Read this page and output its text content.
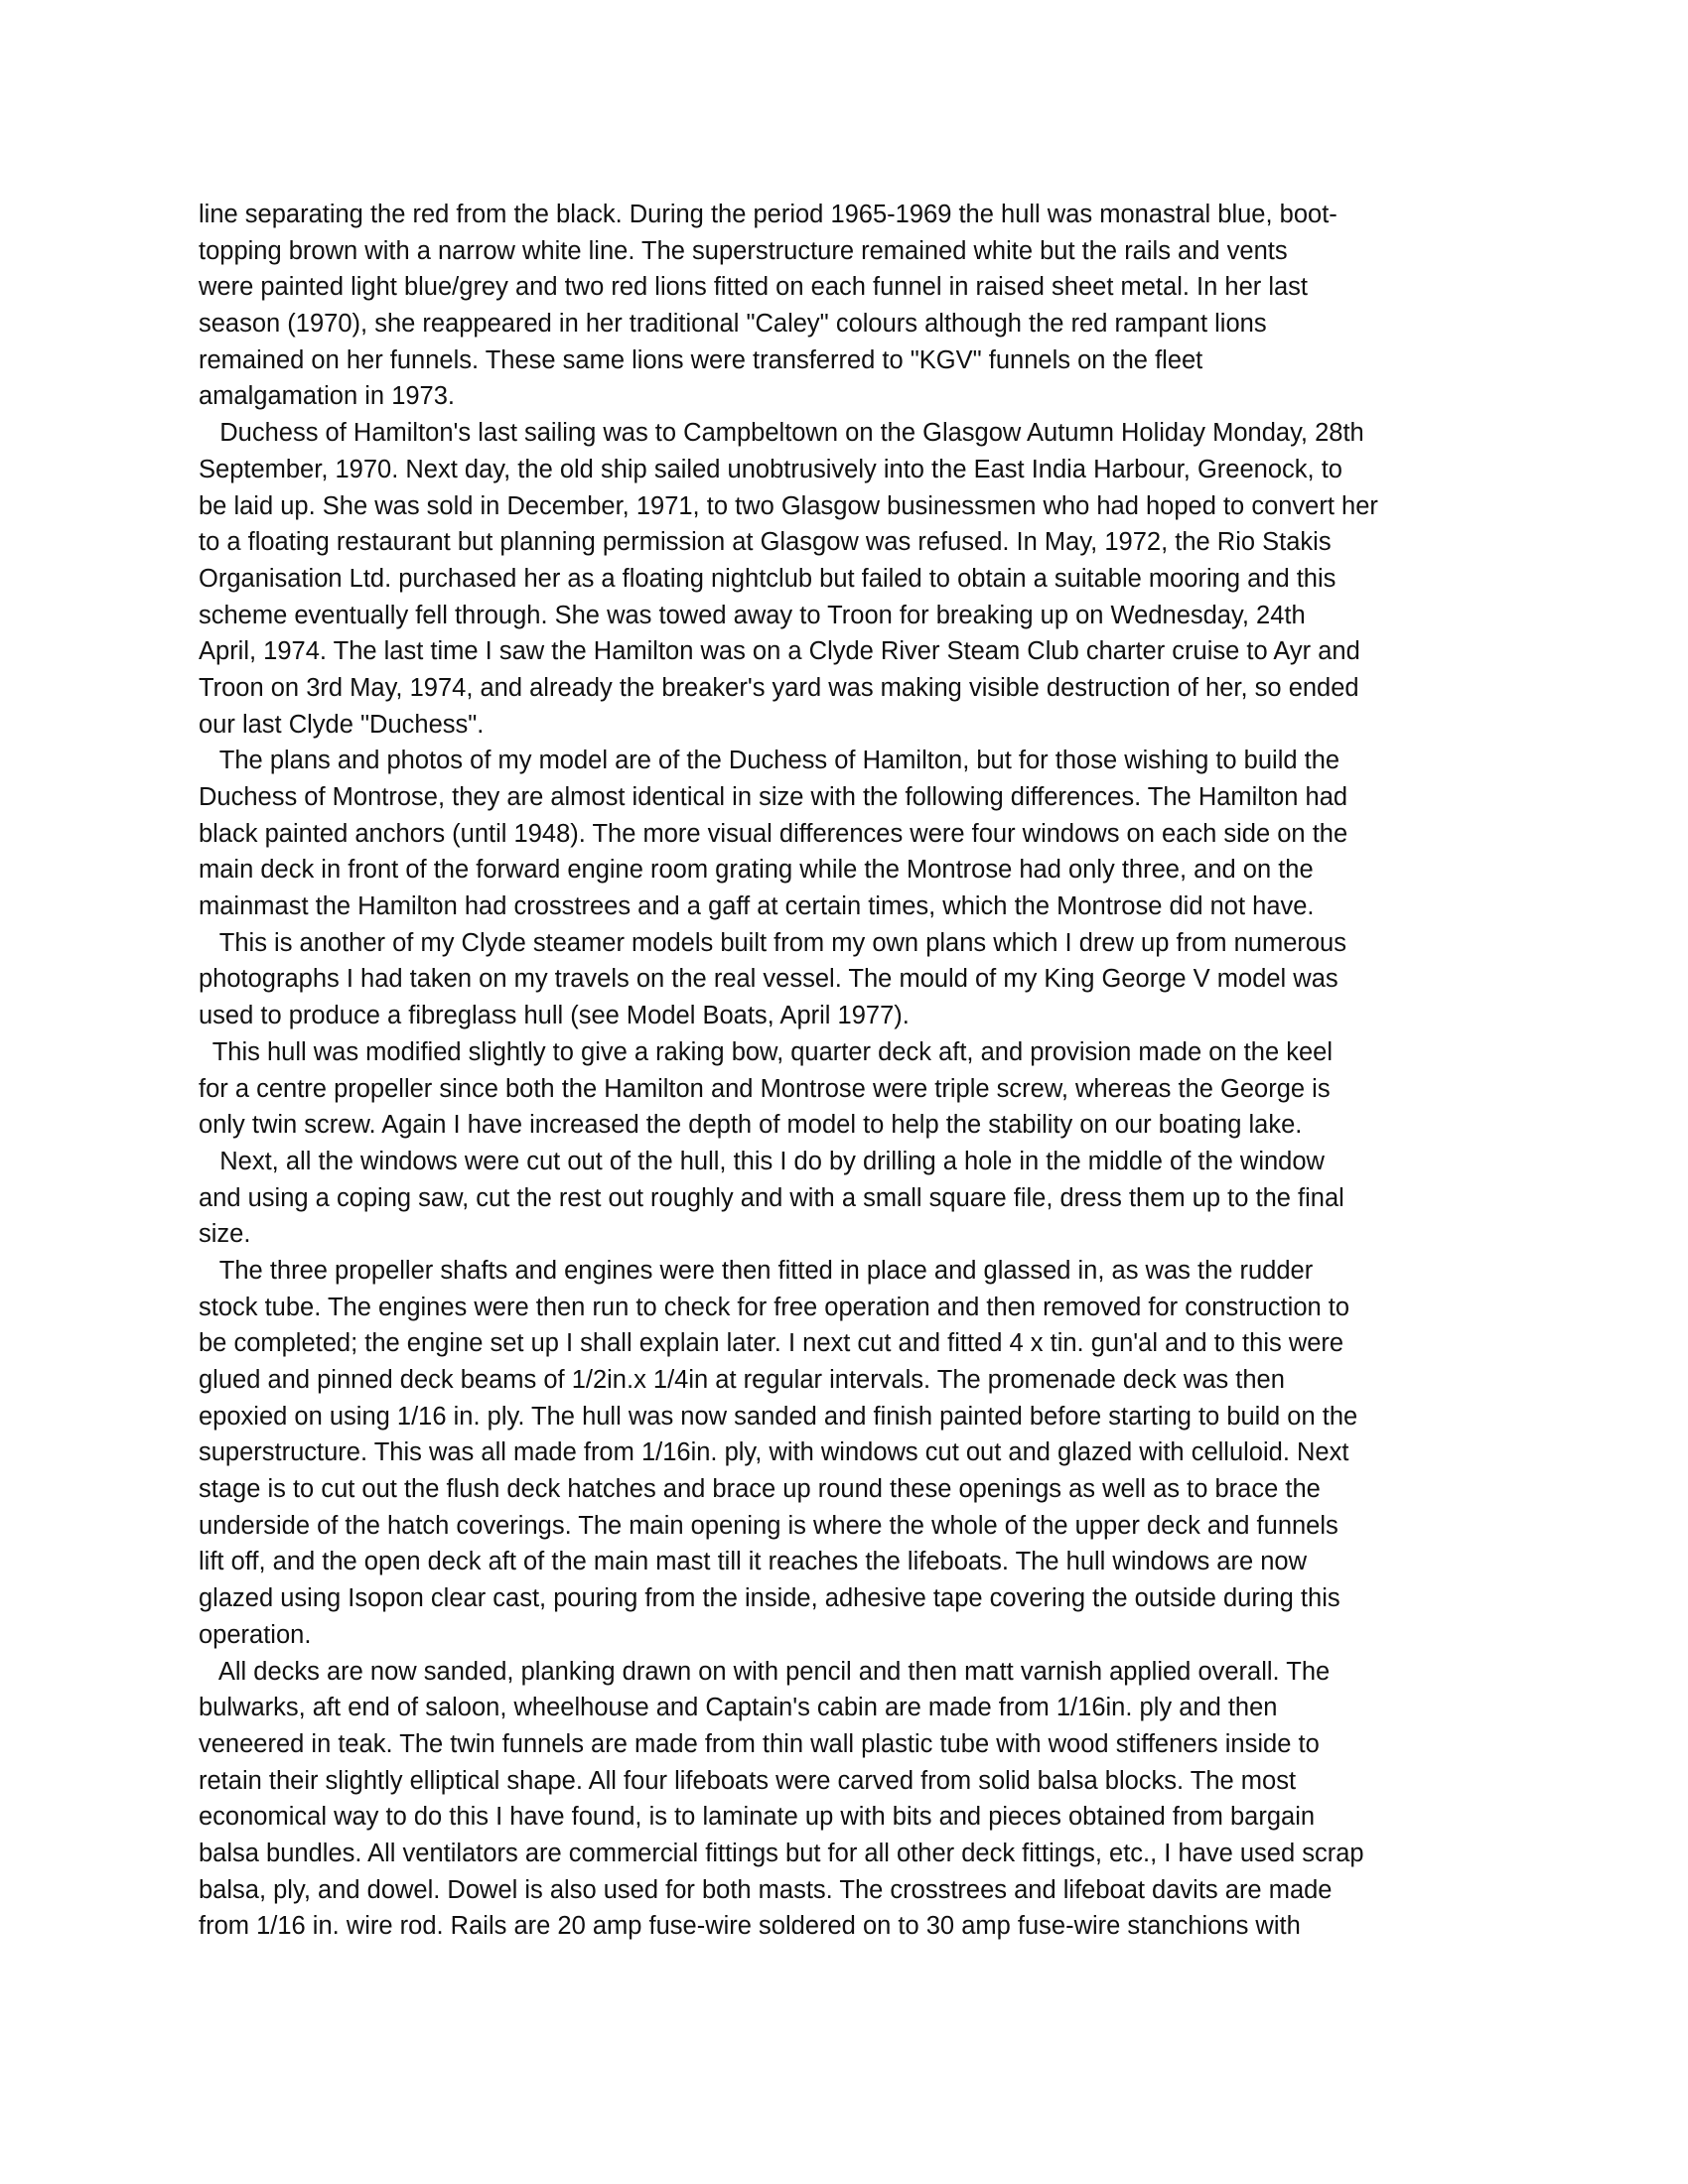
line separating the red from the black. During the period 1965-1969 the hull was monastral blue, boot-
topping brown with a narrow white line. The superstructure remained white but the rails and vents
were painted light blue/grey and two red lions fitted on each funnel in raised sheet metal. In her last
season (1970), she reappeared in her traditional "Caley" colours although the red rampant lions
remained on her funnels. These same lions were transferred to "KGV" funnels on the fleet
amalgamation in 1973.
Duchess of Hamilton's last sailing was to Campbeltown on the Glasgow Autumn Holiday Monday, 28th
September, 1970. Next day, the old ship sailed unobtrusively into the East India Harbour, Greenock, to
be laid up. She was sold in December, 1971, to two Glasgow businessmen who had hoped to convert her
to a floating restaurant but planning permission at Glasgow was refused. In May, 1972, the Rio Stakis
Organisation Ltd. purchased her as a floating nightclub but failed to obtain a suitable mooring and this
scheme eventually fell through. She was towed away to Troon for breaking up on Wednesday, 24th
April, 1974. The last time I saw the Hamilton was on a Clyde River Steam Club charter cruise to Ayr and
Troon on 3rd May, 1974, and already the breaker's yard was making visible destruction of her, so ended
our last Clyde "Duchess".
The plans and photos of my model are of the Duchess of Hamilton, but for those wishing to build the
Duchess of Montrose, they are almost identical in size with the following differences. The Hamilton had
black painted anchors (until 1948). The more visual differences were four windows on each side on the
main deck in front of the forward engine room grating while the Montrose had only three, and on the
mainmast the Hamilton had crosstrees and a gaff at certain times, which the Montrose did not have.
This is another of my Clyde steamer models built from my own plans which I drew up from numerous
photographs I had taken on my travels on the real vessel. The mould of my King George V model was
used to produce a fibreglass hull (see Model Boats, April 1977).
This hull was modified slightly to give a raking bow, quarter deck aft, and provision made on the keel
for a centre propeller since both the Hamilton and Montrose were triple screw, whereas the George is
only twin screw. Again I have increased the depth of model to help the stability on our boating lake.
Next, all the windows were cut out of the hull, this I do by drilling a hole in the middle of the window
and using a coping saw, cut the rest out roughly and with a small square file, dress them up to the final
size.
The three propeller shafts and engines were then fitted in place and glassed in, as was the rudder
stock tube. The engines were then run to check for free operation and then removed for construction to
be completed; the engine set up I shall explain later. I next cut and fitted 4 x tin. gun'al and to this were
glued and pinned deck beams of 1/2in.x 1/4in at regular intervals. The promenade deck was then
epoxied on using 1/16 in. ply. The hull was now sanded and finish painted before starting to build on the
superstructure. This was all made from 1/16in. ply, with windows cut out and glazed with celluloid. Next
stage is to cut out the flush deck hatches and brace up round these openings as well as to brace the
underside of the hatch coverings. The main opening is where the whole of the upper deck and funnels
lift off, and the open deck aft of the main mast till it reaches the lifeboats. The hull windows are now
glazed using Isopon clear cast, pouring from the inside, adhesive tape covering the outside during this
operation.
All decks are now sanded, planking drawn on with pencil and then matt varnish applied overall. The
bulwarks, aft end of saloon, wheelhouse and Captain's cabin are made from 1/16in. ply and then
veneered in teak. The twin funnels are made from thin wall plastic tube with wood stiffeners inside to
retain their slightly elliptical shape. All four lifeboats were carved from solid balsa blocks. The most
economical way to do this I have found, is to laminate up with bits and pieces obtained from bargain
balsa bundles. All ventilators are commercial fittings but for all other deck fittings, etc., I have used scrap
balsa, ply, and dowel. Dowel is also used for both masts. The crosstrees and lifeboat davits are made
from 1/16 in. wire rod. Rails are 20 amp fuse-wire soldered on to 30 amp fuse-wire stanchions with
